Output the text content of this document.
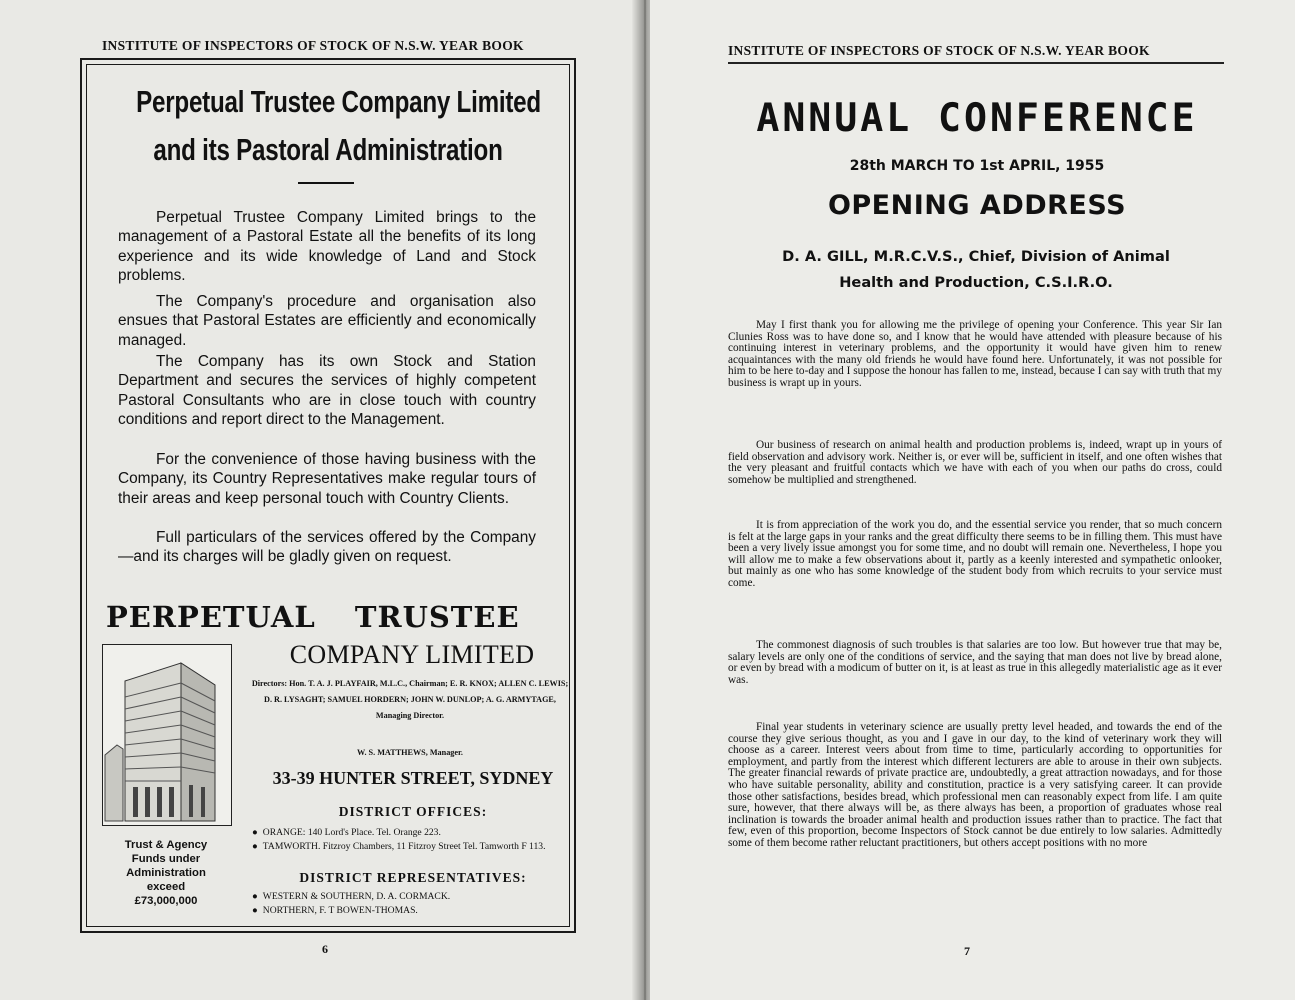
INSTITUTE OF INSPECTORS OF STOCK OF N.S.W. YEAR BOOK
Perpetual Trustee Company Limited
and its Pastoral Administration
Perpetual Trustee Company Limited brings to the management of a Pastoral Estate all the benefits of its long experience and its wide knowledge of Land and Stock problems.
The Company's procedure and organisation also ensues that Pastoral Estates are efficiently and economically managed.
The Company has its own Stock and Station Department and secures the services of highly competent Pastoral Consultants who are in close touch with country conditions and report direct to the Management.
For the convenience of those having business with the Company, its Country Representatives make regular tours of their areas and keep personal touch with Country Clients.
Full particulars of the services offered by the Company—and its charges will be gladly given on request.
PERPETUAL TRUSTEE
COMPANY LIMITED
Directors: Hon. T. A. J. PLAYFAIR, M.L.C., Chairman; E. R. KNOX; ALLEN C. LEWIS; D. R. LYSAGHT; SAMUEL HORDERN; JOHN W. DUNLOP; A. G. ARMYTAGE, Managing Director.
W. S. MATTHEWS, Manager.
33-39 HUNTER STREET, SYDNEY
DISTRICT OFFICES:
● ORANGE: 140 Lord's Place. Tel. Orange 223.
● TAMWORTH. Fitzroy Chambers, 11 Fitzroy Street Tel. Tamworth F 113.
DISTRICT REPRESENTATIVES:
● WESTERN & SOUTHERN, D. A. CORMACK.
● NORTHERN, F. T BOWEN-THOMAS.
Trust & Agency
Funds under
Administration
exceed
£73,000,000
6
INSTITUTE OF INSPECTORS OF STOCK OF N.S.W. YEAR BOOK
ANNUAL CONFERENCE
28th MARCH TO 1st APRIL, 1955
OPENING ADDRESS
D. A. GILL, M.R.C.V.S., Chief, Division of Animal
Health and Production, C.S.I.R.O.
May I first thank you for allowing me the privilege of opening your Conference. This year Sir Ian Clunies Ross was to have done so, and I know that he would have attended with pleasure because of his continuing interest in veterinary problems, and the opportunity it would have given him to renew acquaintances with the many old friends he would have found here. Unfortunately, it was not possible for him to be here to-day and I suppose the honour has fallen to me, instead, because I can say with truth that my business is wrapt up in yours.
Our business of research on animal health and production problems is, indeed, wrapt up in yours of field observation and advisory work. Neither is, or ever will be, sufficient in itself, and one often wishes that the very pleasant and fruitful contacts which we have with each of you when our paths do cross, could somehow be multiplied and strengthened.
It is from appreciation of the work you do, and the essential service you render, that so much concern is felt at the large gaps in your ranks and the great difficulty there seems to be in filling them. This must have been a very lively issue amongst you for some time, and no doubt will remain one. Nevertheless, I hope you will allow me to make a few observations about it, partly as a keenly interested and sympathetic onlooker, but mainly as one who has some knowledge of the student body from which recruits to your service must come.
The commonest diagnosis of such troubles is that salaries are too low. But however true that may be, salary levels are only one of the conditions of service, and the saying that man does not live by bread alone, or even by bread with a modicum of butter on it, is at least as true in this allegedly materialistic age as it ever was.
Final year students in veterinary science are usually pretty level headed, and towards the end of the course they give serious thought, as you and I gave in our day, to the kind of veterinary work they will choose as a career. Interest veers about from time to time, particularly according to opportunities for employment, and partly from the interest which different lecturers are able to arouse in their own subjects. The greater financial rewards of private practice are, undoubtedly, a great attraction nowadays, and for those who have suitable personality, ability and constitution, practice is a very satisfying career. It can provide those other satisfactions, besides bread, which professional men can reasonably expect from life. I am quite sure, however, that there always will be, as there always has been, a proportion of graduates whose real inclination is towards the broader animal health and production issues rather than to practice. The fact that few, even of this proportion, become Inspectors of Stock cannot be due entirely to low salaries. Admittedly some of them become rather reluctant practitioners, but others accept positions with no more
7
